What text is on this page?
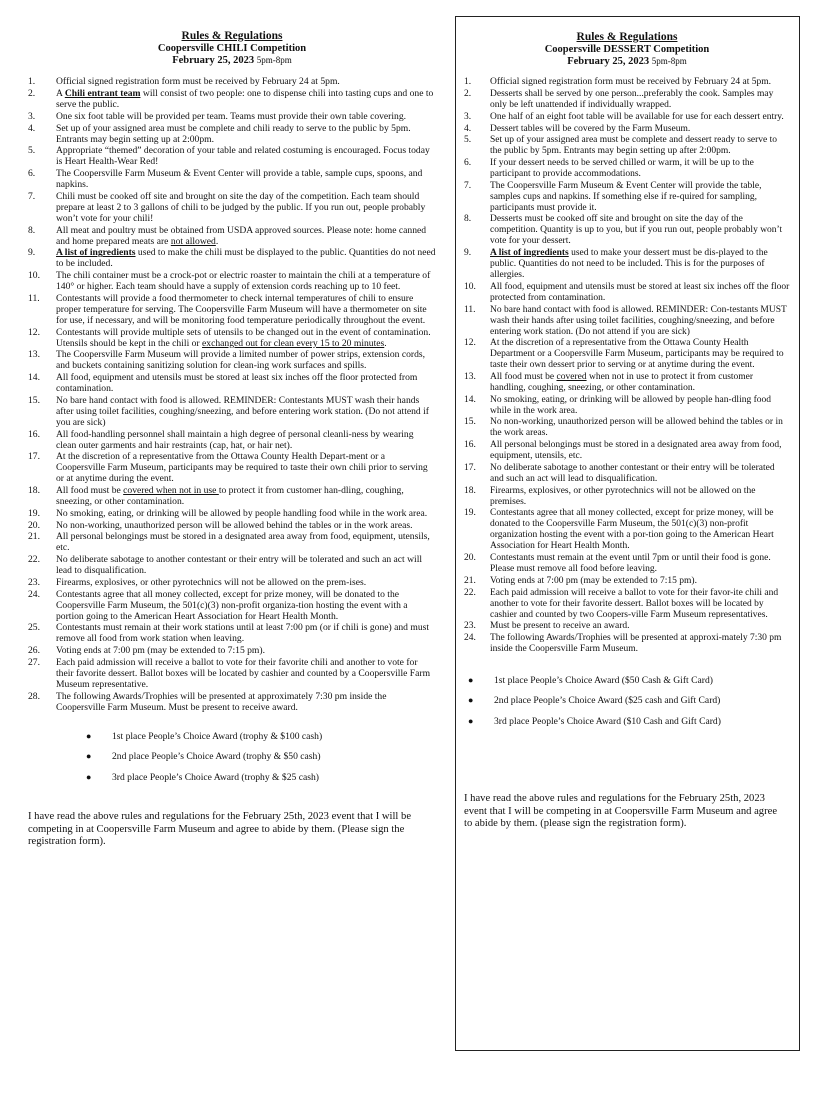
Rules & Regulations
Coopersville CHILI Competition
February 25, 2023 5pm-8pm
1.	Official signed registration form must be received by February 24 at 5pm.
2.	A Chili entrant team will consist of two people: one to dispense chili into tasting cups and one to serve the public.
3.	One six foot table will be provided per team. Teams must provide their own table covering.
4.	Set up of your assigned area must be complete and chili ready to serve to the public by 5pm. Entrants may begin setting up at 2:00pm.
5.	Appropriate “themed” decoration of your table and related costuming is encouraged. Focus today is Heart Health-Wear Red!
6.	The Coopersville Farm Museum & Event Center will provide a table, sample cups, spoons, and napkins.
7.	Chili must be cooked off site and brought on site the day of the competition. Each team should prepare at least 2 to 3 gallons of chili to be judged by the public. If you run out, people probably won’t vote for your chili!
8.	All meat and poultry must be obtained from USDA approved sources. Please note: home canned and home prepared meats are not allowed.
9.	A list of ingredients used to make the chili must be displayed to the public. Quantities do not need to be included.
10.	The chili container must be a crock-pot or electric roaster to maintain the chili at a temperature of 140° or higher. Each team should have a supply of extension cords reaching up to 10 feet.
11.	Contestants will provide a food thermometer to check internal temperatures of chili to ensure proper temperature for serving. The Coopersville Farm Museum will have a thermometer on site for use, if necessary, and will be monitoring food temperature periodically throughout the event.
12.	Contestants will provide multiple sets of utensils to be changed out in the event of contamination. Utensils should be kept in the chili or exchanged out for clean every 15 to 20 minutes.
13.	The Coopersville Farm Museum will provide a limited number of power strips, extension cords, and buckets containing sanitizing solution for clean-ing work surfaces and spills.
14.	All food, equipment and utensils must be stored at least six inches off the floor protected from contamination.
15.	No bare hand contact with food is allowed. REMINDER: Contestants MUST wash their hands after using toilet facilities, coughing/sneezing, and before entering work station. (Do not attend if you are sick)
16.	All food-handling personnel shall maintain a high degree of personal cleanli-ness by wearing clean outer garments and hair restraints (cap, hat, or hair net).
17.	At the discretion of a representative from the Ottawa County Health Depart-ment or a Coopersville Farm Museum, participants may be required to taste their own chili prior to serving or at anytime during the event.
18.	All food must be covered when not in use to protect it from customer han-dling, coughing, sneezing, or other contamination.
19.	No smoking, eating, or drinking will be allowed by people handling food while in the work area.
20.	No non-working, unauthorized person will be allowed behind the tables or in the work areas.
21.	All personal belongings must be stored in a designated area away from food, equipment, utensils, etc.
22.	No deliberate sabotage to another contestant or their entry will be tolerated and such an act will lead to disqualification.
23.	Firearms, explosives, or other pyrotechnics will not be allowed on the prem-ises.
24.	Contestants agree that all money collected, except for prize money, will be donated to the Coopersville Farm Museum, the 501(c)(3) non-profit organiza-tion hosting the event with a portion going to the American Heart Association for Heart Health Month.
25.	Contestants must remain at their work stations until at least 7:00 pm (or if chili is gone) and must remove all food from work station when leaving.
26.	Voting ends at 7:00 pm (may be extended to 7:15 pm).
27.	Each paid admission will receive a ballot to vote for their favorite chili and another to vote for their favorite dessert. Ballot boxes will be located by cashier and counted by a Coopersville Farm Museum representative.
28.	The following Awards/Trophies will be presented at approximately 7:30 pm inside the Coopersville Farm Museum. Must be present to receive award.
●	1st place People’s Choice Award (trophy & $100 cash)
●	2nd place People’s Choice Award (trophy & $50 cash)
●	3rd place People’s Choice Award (trophy & $25 cash)
I have read the above rules and regulations for the February 25th, 2023 event that I will be competing in at Coopersville Farm Museum and agree to abide by them. (Please sign the registration form).
Rules & Regulations
Coopersville DESSERT Competition
February 25, 2023 5pm-8pm
1.	Official signed registration form must be received by February 24 at 5pm.
2.	Desserts shall be served by one person...preferably the cook. Samples may only be left unattended if individually wrapped.
3.	One half of an eight foot table will be available for use for each dessert entry.
4.	Dessert tables will be covered by the Farm Museum.
5.	Set up of your assigned area must be complete and dessert ready to serve to the public by 5pm. Entrants may begin setting up after 2:00pm.
6.	If your dessert needs to be served chilled or warm, it will be up to the participant to provide accommodations.
7.	The Coopersville Farm Museum & Event Center will provide the table, samples cups and napkins. If something else if re-quired for sampling, participants must provide it.
8.	Desserts must be cooked off site and brought on site the day of the competition. Quantity is up to you, but if you run out, people probably won’t vote for your dessert.
9.	A list of ingredients used to make your dessert must be dis-played to the public. Quantities do not need to be included. This is for the purposes of allergies.
10.	All food, equipment and utensils must be stored at least six inches off the floor protected from contamination.
11.	No bare hand contact with food is allowed. REMINDER: Con-testants MUST wash their hands after using toilet facilities, coughing/sneezing, and before entering work station. (Do not attend if you are sick)
12.	At the discretion of a representative from the Ottawa County Health Department or a Coopersville Farm Museum, participants may be required to taste their own dessert prior to serving or at anytime during the event.
13.	All food must be covered when not in use to protect it from customer handling, coughing, sneezing, or other contamination.
14.	No smoking, eating, or drinking will be allowed by people han-dling food while in the work area.
15.	No non-working, unauthorized person will be allowed behind the tables or in the work areas.
16.	All personal belongings must be stored in a designated area away from food, equipment, utensils, etc.
17.	No deliberate sabotage to another contestant or their entry will be tolerated and such an act will lead to disqualification.
18.	Firearms, explosives, or other pyrotechnics will not be allowed on the premises.
19.	Contestants agree that all money collected, except for prize money, will be donated to the Coopersville Farm Museum, the 501(c)(3) non-profit organization hosting the event with a por-tion going to the American Heart Association for Heart Health Month.
20.	Contestants must remain at the event until 7pm or until their food is gone. Please must remove all food before leaving.
21.	Voting ends at 7:00 pm (may be extended to 7:15 pm).
22.	Each paid admission will receive a ballot to vote for their favor-ite chili and another to vote for their favorite dessert. Ballot boxes will be located by cashier and counted by two Coopers-ville Farm Museum representatives.
23.	Must be present to receive an award.
24.	The following Awards/Trophies will be presented at approxi-mately 7:30 pm inside the Coopersville Farm Museum.
●	1st place People’s Choice Award ($50 Cash & Gift Card)
●	2nd place People’s Choice Award ($25 cash and Gift Card)
●	3rd place People’s Choice Award ($10 Cash and Gift Card)
I have read the above rules and regulations for the February 25th, 2023 event that I will be competing in at Coopersville Farm Museum and agree to abide by them. (please sign the registration form).
